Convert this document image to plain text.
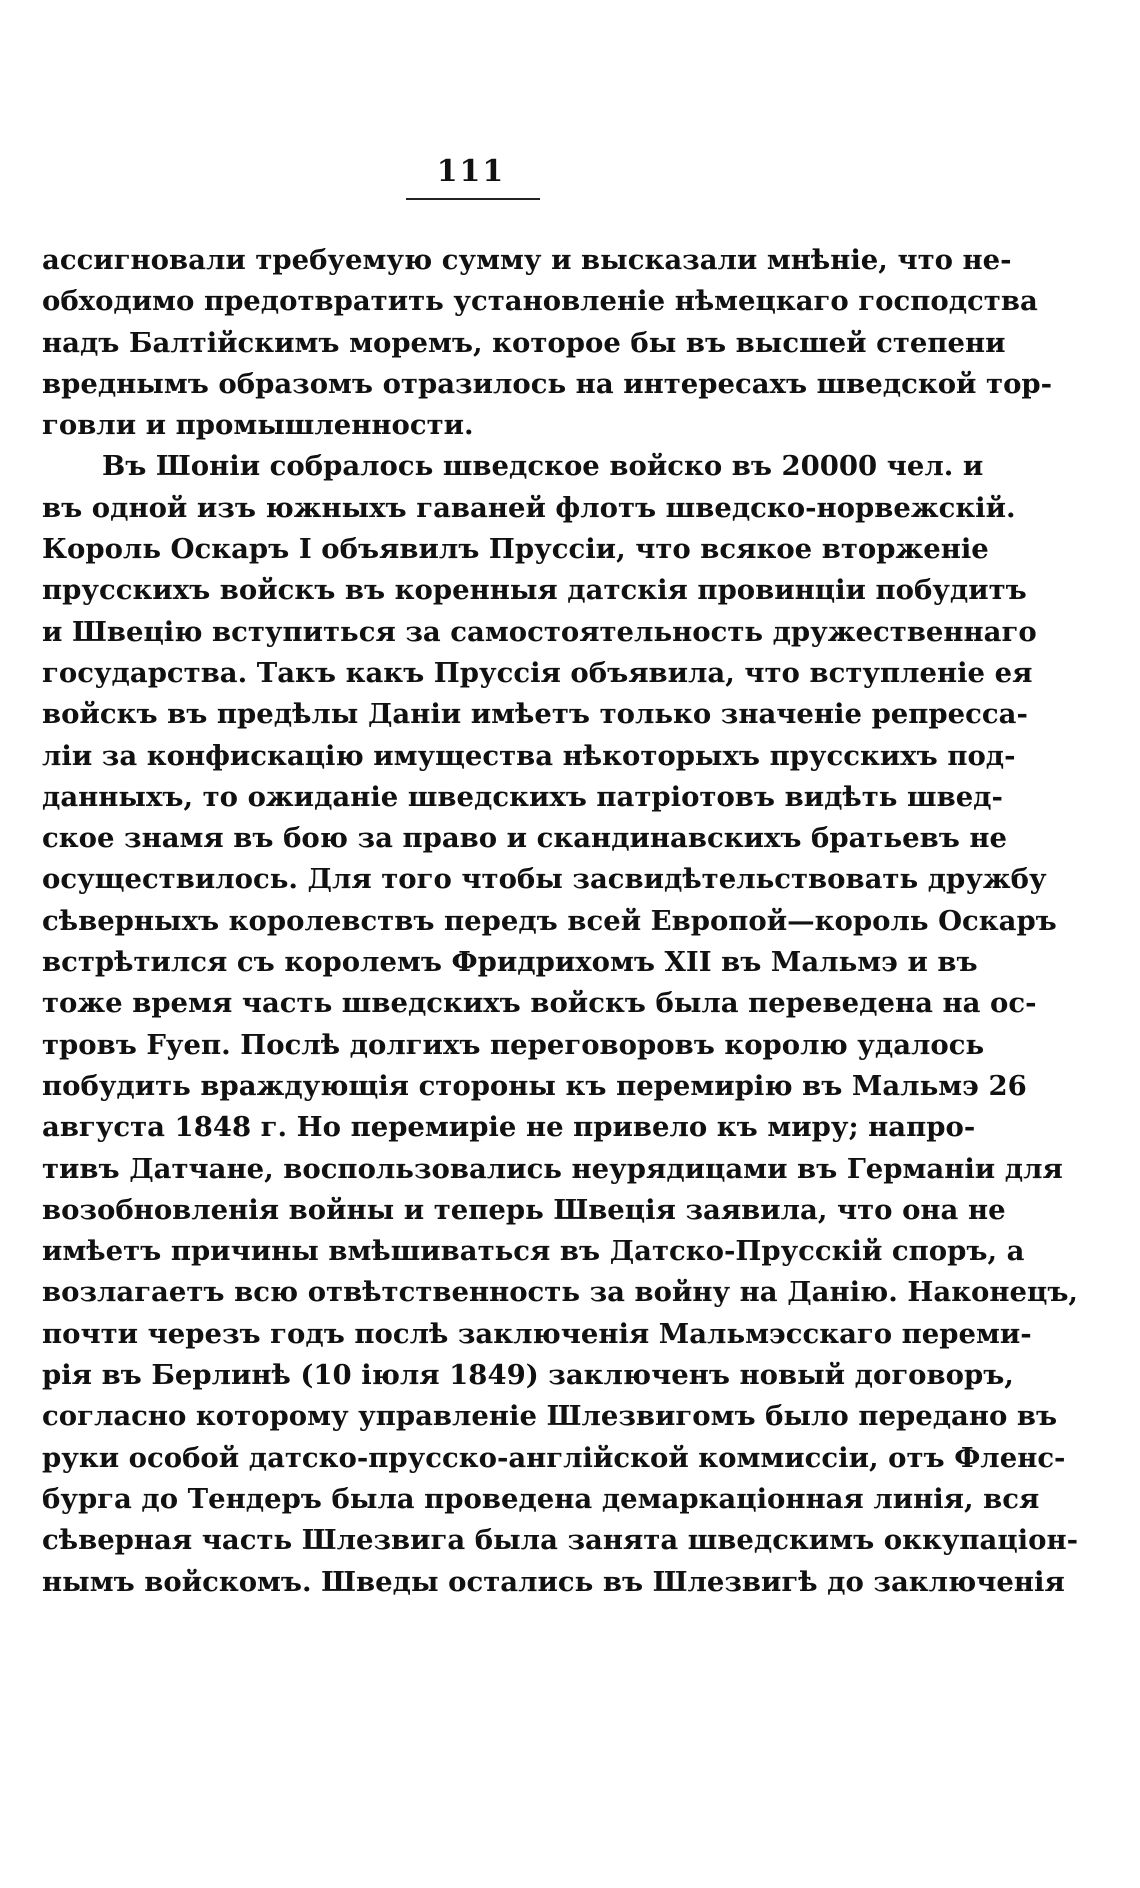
111
ассигновали требуемую сумму и высказали мнѣніе, что не-
обходимо предотвратить установленіе нѣмецкаго господства
надъ Балтійскимъ моремъ, которое бы въ высшей степени
вреднымъ образомъ отразилось на интересахъ шведской тор-
говли и промышленности.
Въ Шоніи собралось шведское войско въ 20000 чел. и
въ одной изъ южныхъ гаваней флотъ шведско-норвежскій.
Король Оскаръ I объявилъ Пруссіи, что всякое вторженіе
прусскихъ войскъ въ коренныя датскія провинціи побудитъ
и Швецію вступиться за самостоятельность дружественнаго
государства. Такъ какъ Пруссія объявила, что вступленіе ея
войскъ въ предѣлы Даніи имѣетъ только значеніе репресса-
ліи за конфискацію имущества нѣкоторыхъ прусскихъ под-
данныхъ, то ожиданіе шведскихъ патріотовъ видѣть швед-
ское знамя въ бою за право и скандинавскихъ братьевъ не
осуществилось. Для того чтобы засвидѣтельствовать дружбу
сѣверныхъ королевствъ передъ всей Европой—король Оскаръ
встрѣтился съ королемъ Фридрихомъ XII въ Мальмэ и въ
тоже время часть шведскихъ войскъ была переведена на ос-
тровъ Fуеп. Послѣ долгихъ переговоровъ королю удалось
побудить враждующія стороны къ перемирію въ Мальмэ 26
августа 1848 г. Но перемиріе не привело къ миру; напро-
тивъ Датчане, воспользовались неурядицами въ Германіи для
возобновленія войны и теперь Швеція заявила, что она не
имѣетъ причины вмѣшиваться въ Датско-Прусскій споръ, а
возлагаетъ всю отвѣтственность за войну на Данію. Наконецъ,
почти черезъ годъ послѣ заключенія Мальмэсскаго переми-
рія въ Берлинѣ (10 іюля 1849) заключенъ новый договоръ,
согласно которому управленіе Шлезвигомъ было передано въ
руки особой датско-прусско-англійской коммиссіи, отъ Фленс-
бурга до Тендеръ была проведена демаркаціонная линія, вся
сѣверная часть Шлезвига была занята шведскимъ оккупаціон-
нымъ войскомъ. Шведы остались въ Шлезвигѣ до заключенія
